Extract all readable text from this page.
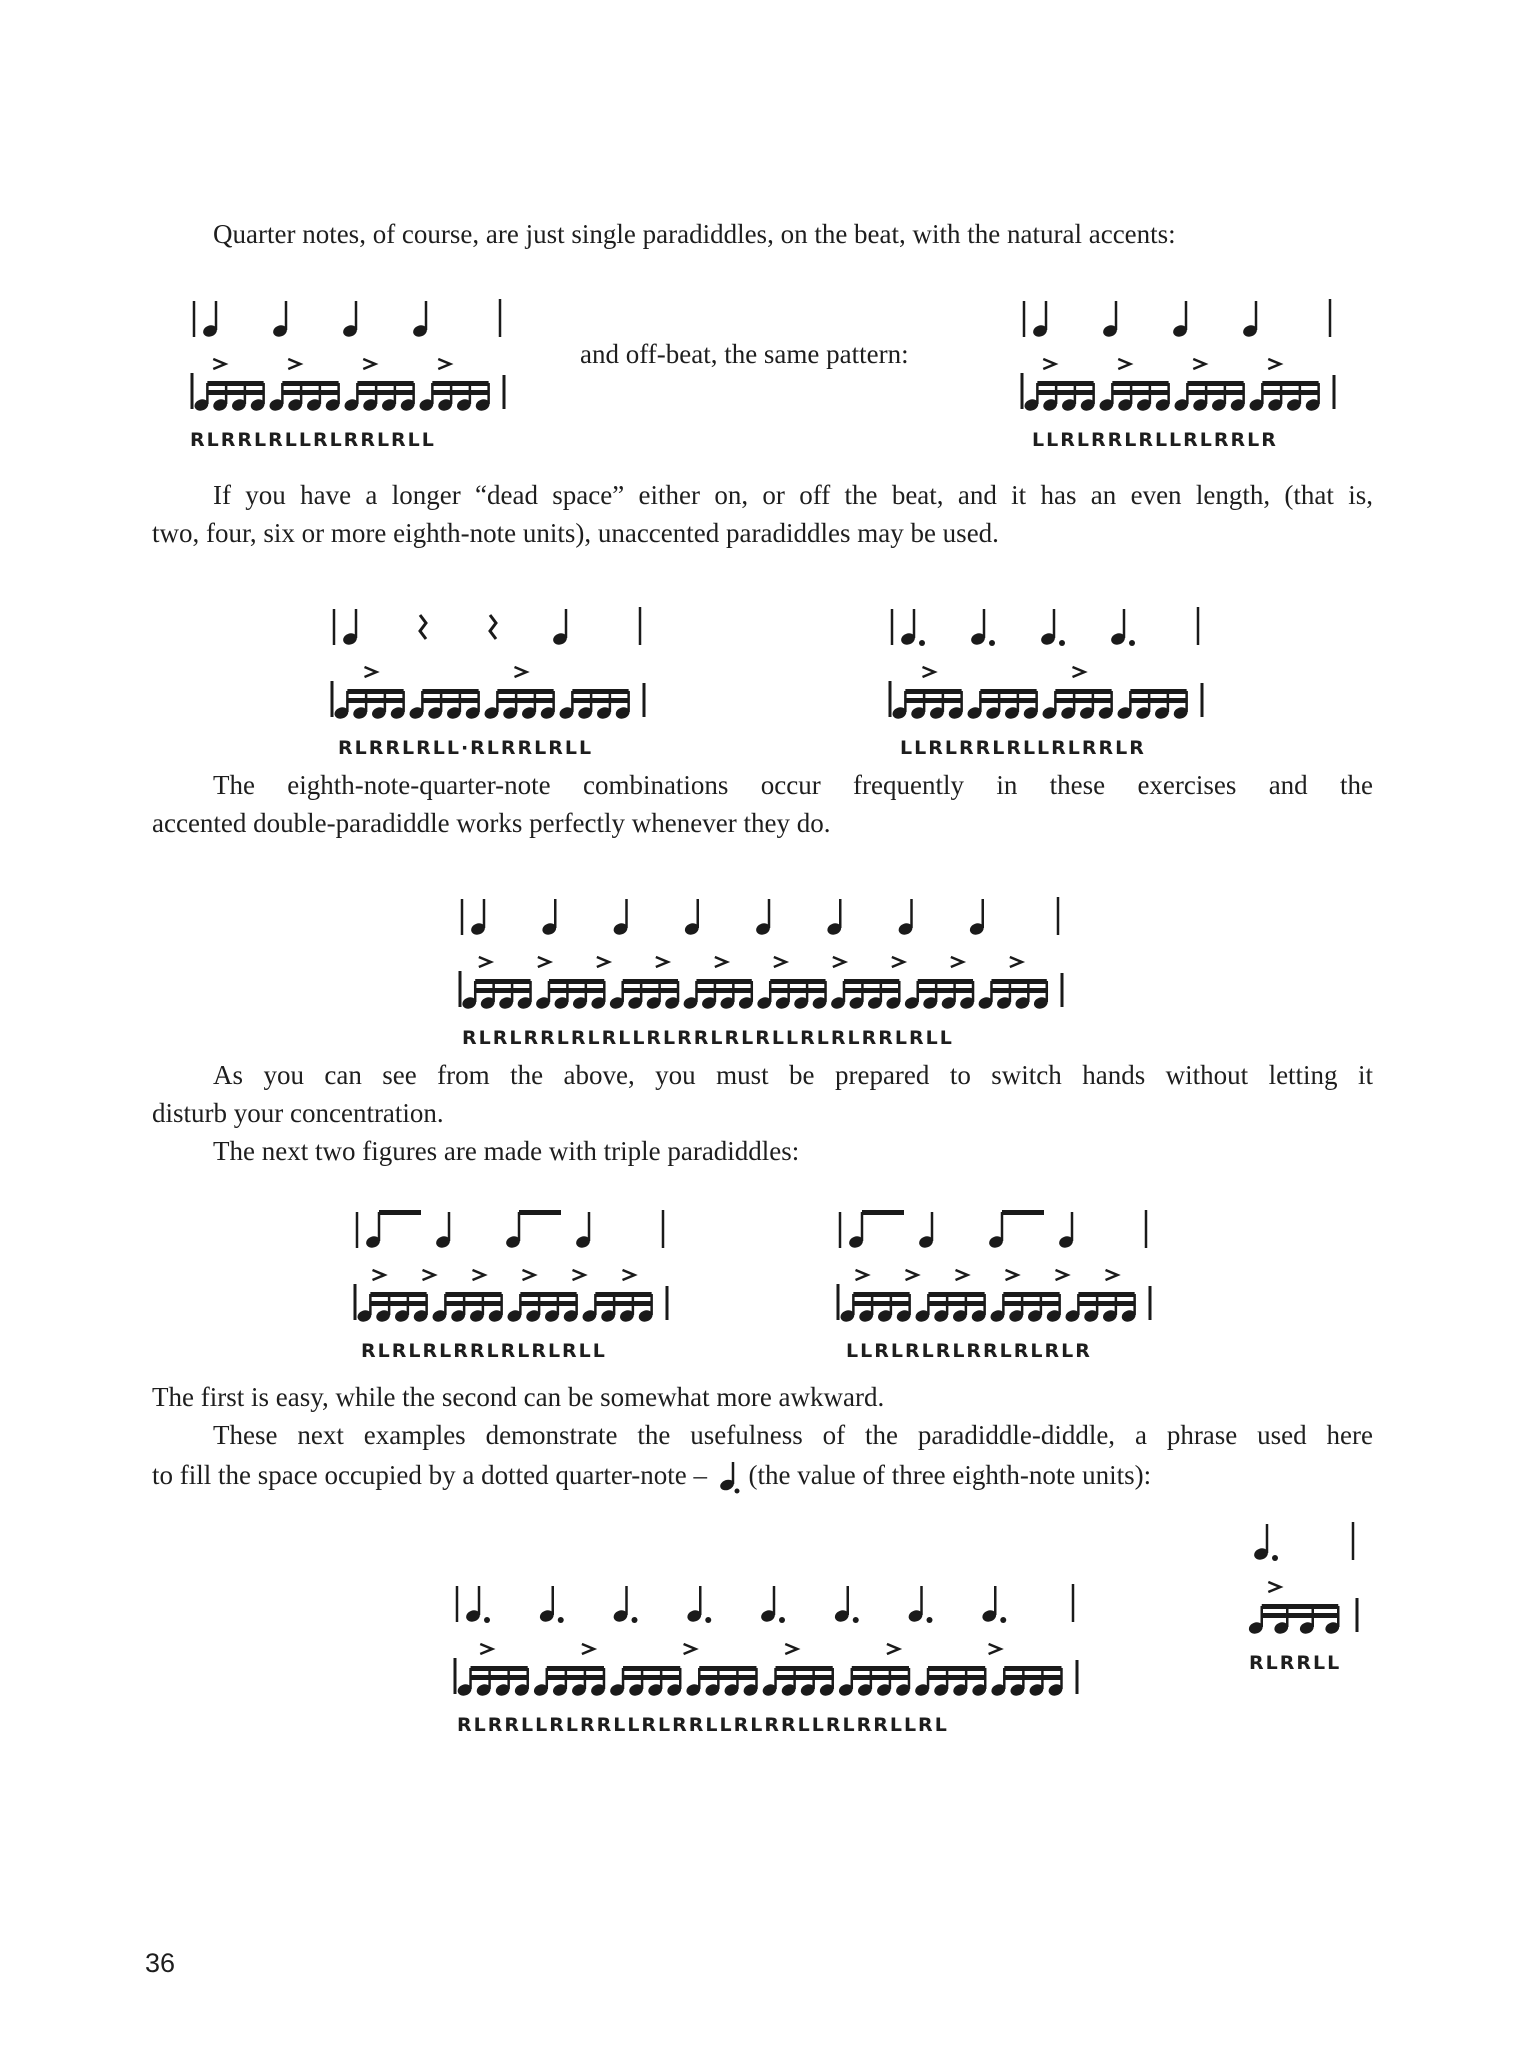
Quarter notes, of course, are just single paradiddles, on the beat, with the natural accents:

RLRRLRLLRLRRLRLL

and off-beat, the same pattern:

LLRLRRLRLLRLRRLR

If you have a longer “dead space” either on, or off the beat, and it has an even length, (that is,

two, four, six or more eighth-note units), unaccented paradiddles may be used.

RLRRLRLL·RLRRLRLL	LLRLRRLRLLRLRRLR

The eighth-note-quarter-note combinations occur frequently in these exercises and the

accented double-paradiddle works perfectly whenever they do.

RLRLRRLRLRLLRLRRLRLRLLRLRLRRLRLL

As you can see from the above, you must be prepared to switch hands without letting it

disturb your concentration.

The next two figures are made with triple paradiddles:

RLRLRLRRLRLRLRLL	LLRLRLRLRRLRLRLR

The first is easy, while the second can be somewhat more awkward.

These next examples demonstrate the usefulness of the paradiddle-diddle, a phrase used here

to fill the space occupied by a dotted quarter-note – (the value of three eighth-note units):

RLRRLL
RLRRLLRLRRLLRLRRLLRLRRLLRLRRLLRL
36
